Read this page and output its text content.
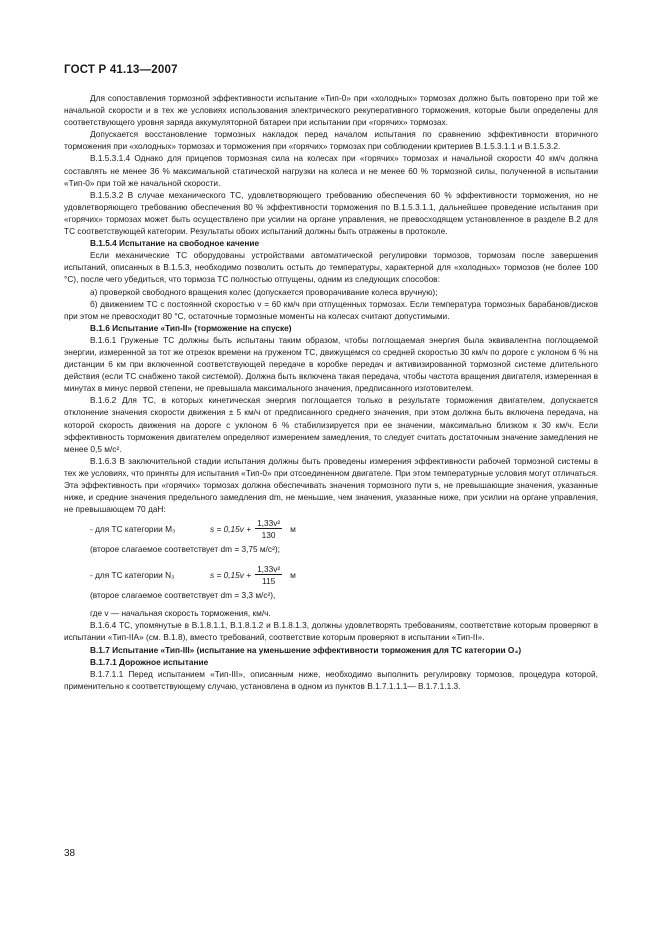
ГОСТ Р 41.13—2007

Для сопоставления тормозной эффективности испытание «Тип-0» при «холодных» тормозах должно быть повторено при той же начальной скорости и в тех же условиях использования электрического рекуперативного торможения, которые были определены для соответствующего уровня заряда аккумуляторной батареи при испытании при «горячих» тормозах.

Допускается восстановление тормозных накладок перед началом испытания по сравнению эффективности вторичного торможения при «холодных» тормозах и торможения при «горячих» тормозах при соблюдении критериев В.1.5.3.1.1 и В.1.5.3.2.

В.1.5.3.1.4 Однако для прицепов тормозная сила на колесах при «горячих» тормозах и начальной скорости 40 км/ч должна составлять не менее 36 % максимальной статической нагрузки на колеса и не менее 60 % тормозной силы, полученной в испытании «Тип-0» при той же начальной скорости.

В.1.5.3.2 В случае механического ТС, удовлетворяющего требованию обеспечения 60 % эффективности торможения, но не удовлетворяющего требованию обеспечения 80 % эффективности торможения по В.1.5.3.1.1, дальнейшее проведение испытания при «горячих» тормозах может быть осуществлено при усилии на органе управления, не превосходящем установленное в разделе В.2 для ТС соответствующей категории. Результаты обоих испытаний должны быть отражены в протоколе.

В.1.5.4 Испытание на свободное качение

Если механические ТС оборудованы устройствами автоматической регулировки тормозов, тормозам после завершения испытаний, описанных в В.1.5.3, необходимо позволить остыть до температуры, характерной для «холодных» тормозов (не более 100 °С), после чего убедиться, что тормоза ТС полностью отпущены, одним из следующих способов:

а) проверкой свободного вращения колес (допускается проворачивание колеса вручную);

б) движением ТС с постоянной скоростью v = 60 км/ч при отпущенных тормозах. Если температура тормозных барабанов/дисков при этом не превосходит 80 °С, остаточные тормозные моменты на колесах считают допустимыми.

В.1.6 Испытание «Тип-II» (торможение на спуске)

В.1.6.1 Груженые ТС должны быть испытаны таким образом, чтобы поглощаемая энергия была эквивалентна поглощаемой энергии, измеренной за тот же отрезок времени на груженом ТС, движущемся со средней скоростью 30 км/ч по дороге с уклоном 6 % на дистанции 6 км при включенной соответствующей передаче в коробке передач и активизированной тормозной системе длительного действия (если ТС снабжено такой системой). Должна быть включена такая передача, чтобы частота вращения двигателя, измеренная в минутах в минус первой степени, не превышала максимального значения, предписанного изготовителем.

В.1.6.2 Для ТС, в которых кинетическая энергия поглощается только в результате торможения двигателем, допускается отклонение значения скорости движения ± 5 км/ч от предписанного среднего значения, при этом должна быть включена передача, на которой скорость движения на дороге с уклоном 6 % стабилизируется при ее значении, максимально близком к 30 км/ч. Если эффективность торможения двигателем определяют измерением замедления, то следует считать достаточным значение замедления не менее 0,5 м/с².

В.1.6.3 В заключительной стадии испытания должны быть проведены измерения эффективности рабочей тормозной системы в тех же условиях, что приняты для испытания «Тип-0» при отсоединенном двигателе. При этом температурные условия могут отличаться. Эта эффективность при «горячих» тормозах должна обеспечивать значения тормозного пути s, не превышающие значения, указанные ниже, и средние значения предельного замедления dm, не меньшие, чем значения, указанные ниже, при усилии на органе управления, не превышающем 70 даН:

- для ТС категории M₃	$s = 0,15v + \frac{\text{1,33v²}}{130}$ м
(второе слагаемое соответствует dm = 3,75 м/с²);
- для ТС категории N₃	$s = 0,15v + \frac{\text{1,33v²}}{115}$ м
(второе слагаемое соответствует dm = 3,3 м/с²),

где v — начальная скорость торможения, км/ч.

В.1.6.4 ТС, упомянутые в В.1.8.1.1, В.1.8.1.2 и В.1.8.1.3, должны удовлетворять требованиям, соответствие которым проверяют в испытании «Тип-IIА» (см. В.1.8), вместо требований, соответствие которым проверяют в испытании «Тип-II».

В.1.7 Испытание «Тип-III» (испытание на уменьшение эффективности торможения для ТС категории O₄)

В.1.7.1 Дорожное испытание

В.1.7.1.1 Перед испытанием «Тип-III», описанным ниже, необходимо выполнить регулировку тормозов, процедура которой, применительно к соответствующему случаю, установлена в одном из пунктов В.1.7.1.1.1— В.1.7.1.1.3.

38
